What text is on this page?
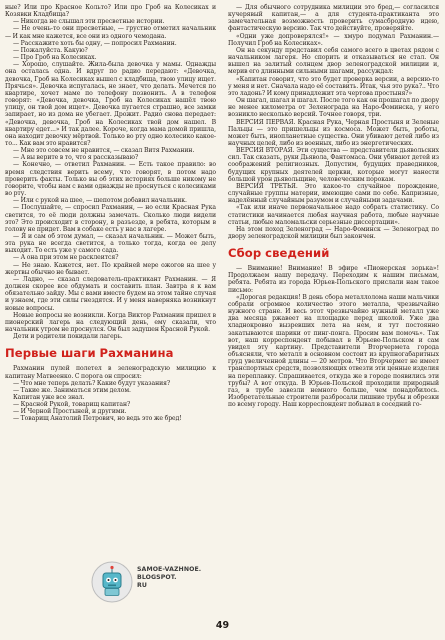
ные? Или про Красное Кольто? Или про Гроб на Колесиках и Козявки Кладбища?

— Никогда не слышал эти пресветные истории.

— Не очень-то они пресветные, — грустно отметил начальник — И как мне кажется, все они из одного чемодана.

— Расскажите хоть бы одну, — попросил Рахманин.

— Пожалуйста. Какую?

— Про Гроб на Колесиках.

— Хорошо, слушайте. Жила-была девочка у мамы. Однажды она осталась одна. И вдруг по радио передают: «Девочка, девочка, Гроб на Колесиках вышел с кладбища, твою улицу ищет. Прячься». Девочка испугалась, не знает, что делать. Мечется по квартире, хочет маме по телефону позвонить. А в телефон говорят: «Девочка, девочка, Гроб на Колесиках нашёл твою улицу, он твой дом ищет». Девочка пугается страшно, все замки запирает, но из дома не убегает. Дрожит. Радио снова передает: «Девочка, девочка, Гроб на Колесиках твой дом нашел. В квартиру едет...» И так далее. Короче, когда мама домой пришла, она находит девочку мёртвой. Только во рту одно колесико какое-то... Как вам это нравится?

— Мне это совсем не нравится, — сказал Витя Рахманин.

— А вы верите в то, что я рассказываю?

— Конечно, — ответил Рахманин. — Есть такое правило: во время следствия верить всему, что говорят, в потом надо проверить факты. Только вы об этих историях больше никому не говорите, чтобы нам с вами однажды не проснуться с колесиками во рту.

— Или с рукой на шее, — шепотом добавил начальник.

— Послушайте, — спросил Рахманин, — но если Красная Рука светится, то её люди должны замечать. Сколько люди видели это? Это происходит в сторону, в разъезде, в ребята, которым в голову не придет. Вам в собаке есть у нас в лагере.

— Я и сам об этом думал, — сказал начальник. — Может быть, эта рука не всегда светится, а только тогда, когда ее делу выходит. То есть уже у самого сада.

— А она при этом не расклеится?

— Не знаю. Кажется, нет. По крайней мере ожогов на шее у жертвы обычно не бывает.

— Ладно, — сказал следователь-практикант Рахманин. — Я должен скорее все обдумать и составить план. Завтра я к вам обязательно зайду. Мы с вами вместе будем на этом тайне случая и узнаем, где эти силы гнездятся. И у меня наверняка возникнут новые вопросы.

Новые вопросы не возникли. Когда Виктор Рахманин пришел в пионерский лагерь на следующий день, ему сказали, что начальник утром не проснулся. Он был задушен Красной Рукой.

Дети и родители покидали лагерь.

Первые шаги Рахманина

Рахманин пулей полетел в зеленоградскую милицию к капитану Матвеенко. С порога он спросил:

— Что мне теперь делать? Какие будут указания?

— Такие же. Заниматься этим делом.

Капитан уже все знал.

— Красной Рукой, товарищ капитан?

— И Черной Простыней, и другими.

— Товарищ Анатолий Петрович, но ведь это же бред!

— Для обычного сотрудника милиции это бред,— согласился кучерявый капитан,— а для студента-практиканта это замечательная возможность проверить сумасбродную идею, фантастическую версию. Так что действуйте, проверяйте.

«Одни уже допроверялся!» — хмуро подумал Рахманин.— Получил Гроб на Колесиках».

Он на секунду представил себя самого всего в цветах рядом с начальником лагеря. Но спорить и отказываться не стал. Он вышел на залитый солнцем двор зеленоградской милиции и, мерив его длинными сильными шагами, рассуждал:

«Капитан говорит, что это будет проверка версии, а версию-то у меня и нет. Сначала надо её составить. Итак, чья это рука?.. Что это ладонь? И кому принадлежит эта чертова простыня?»

Он шагал, шагал и шагал. После того как он прошагал по двору не менее километра от Зеленограда на Наро-Фоминска, у него возникло несколько версий. Точнее говоря, три.

ВЕРСИЯ ПЕРВАЯ. Красная Рука, Черная Простыня и Зеленые Пальцы — это пришельцы из космоса. Может быть, роботы, может быть, инопланетные существа. Они убивают детей либо из научных целей, либо из военных, либо из энергетических.

ВЕРСИЯ ВТОРАЯ. Эти существа — представители дьявольских сил. Так сказать, руки Дьявола, Фантомаса. Они убивают детей из соображений религиозных. Допустим, будущих праведников, будущих крупных деятелей церкви, которые могут нанести большой урон дьявольщине, человеческим порокам.

ВЕРСИЯ ТРЕТЬЯ. Это какое-то случайное порождение, случайные группы материи, имеющие сами по себе. Капризные, наделённый случайным разумом и случайными задачами.

«Так или иначе первоначальное надо собрать статистику. Со статистики начинается любая научная работа, любые научные статьи, любые маломальски серьезные диссертации».

На этом поход Зеленоград — Наро-Фоминск — Зеленоград по двору зеленоградской милиции был закончен.

Сбор сведений

— Внимание! Внимание! В эфире «Пионерская зорька»! Продолжаем нашу передачу. Переходим к нашим письмам, ребята. Ребята из города Юрьев-Польского прислали нам такое письмо:

«Дорогая редакция! В день сбора металлолома наши мальчики собрали огромное количество этого металла, чрезвычайно нужного стране. И весь этот чрезвычайно нужный металл уже два месяца ржавеет на площадке перед школой. Уже два хладнокровно вызревших лета на нем, и тут постоянно закатываются шарики от пинг-понга. Просим вам помочь». Так вот, наш корреспондент побывал в Юрьеве-Польском и сам увидел эту картину. Представители Вторчермета города объясняли, что металл в основном состоит из крупногабаритных груд увеличенной длины — 20 метров. Что Вторчермет не имеет транспортных средств, позволяющих отвезти эти ценные изделия на переплавку. Спрашивается, откуда же в городе появились эти трубы? А вот откуда. В Юрьев-Польской проходили природный газ, в трубе завезли немного больше, чем понадобилось. Изобретательные строители разбросали лишние трубы и обрезки по всему городу. Наш корреспондент побывал в соседний го-

SAMOE-VAZHNOE.
BLOGSPOT.
RU
49
